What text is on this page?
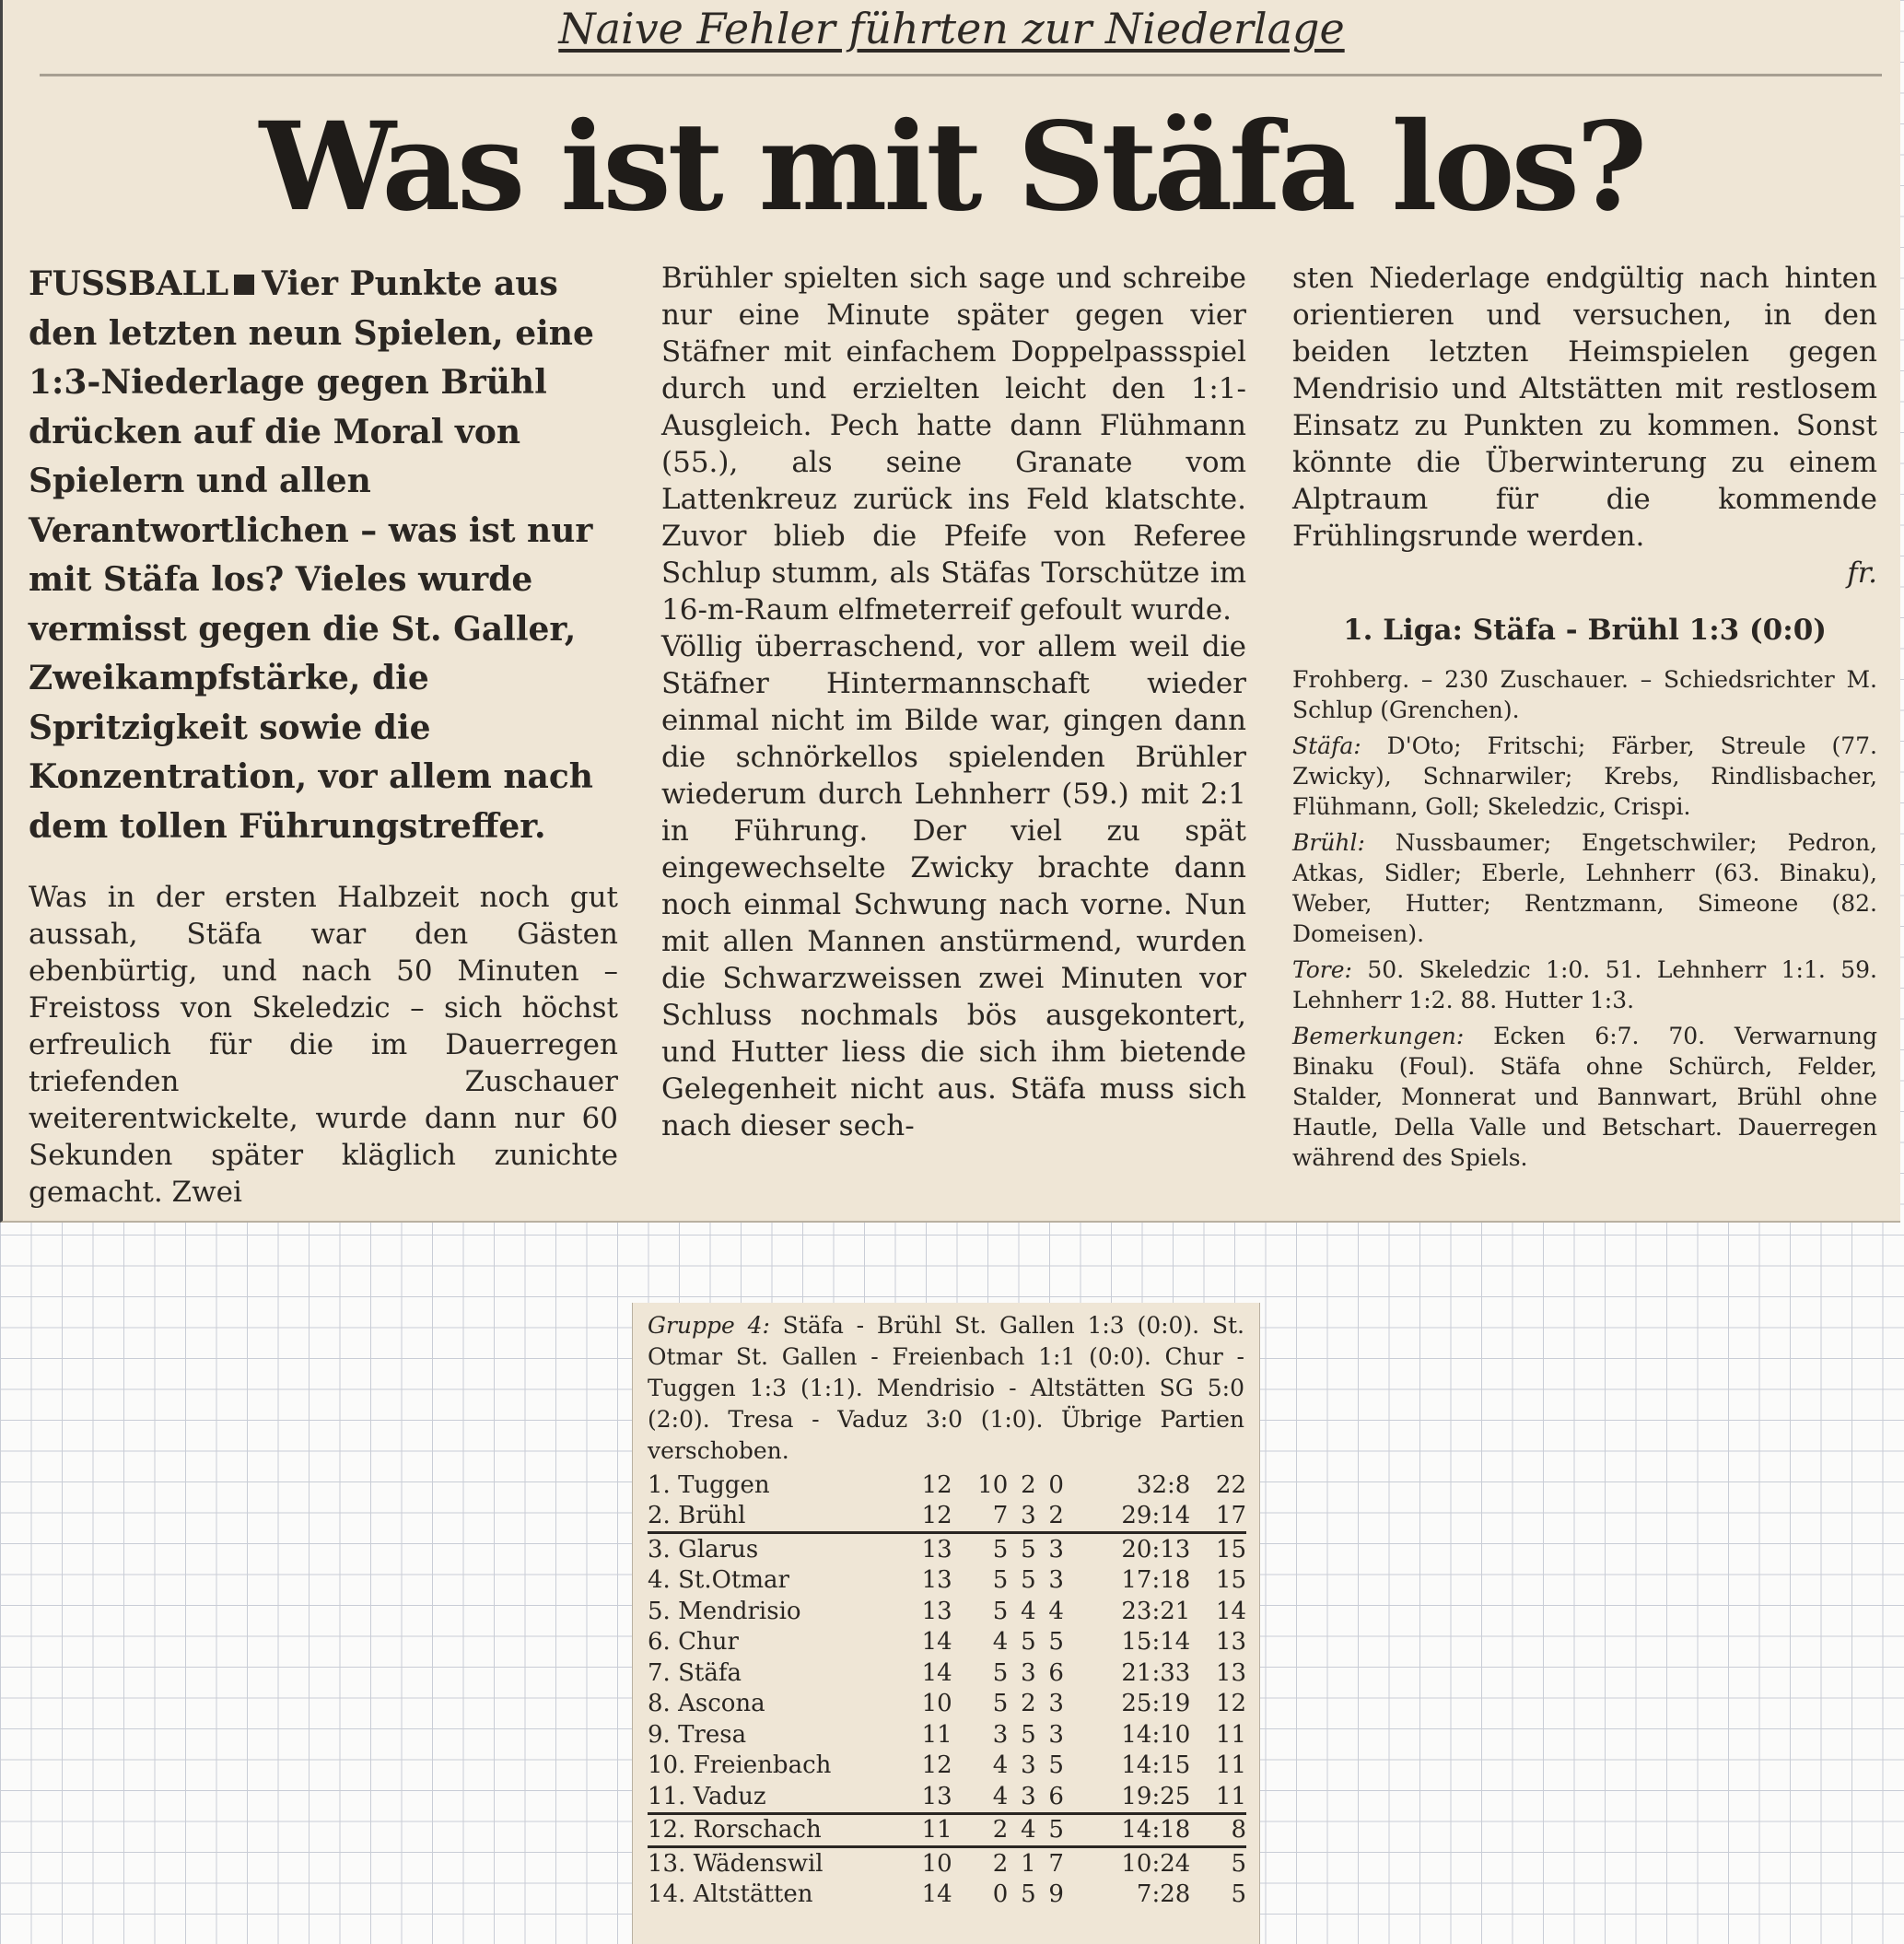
Naive Fehler führten zur Niederlage
Was ist mit Stäfa los?

FUSSBALL Vier Punkte aus den letzten neun Spielen, eine 1:3-Niederlage gegen Brühl drücken auf die Moral von Spielern und allen Verantwortlichen – was ist nur mit Stäfa los? Vieles wurde vermisst gegen die St. Galler, Zweikampfstärke, die Spritzigkeit sowie die Konzentration, vor allem nach dem tollen Führungstreffer.

Was in der ersten Halbzeit noch gut aussah, Stäfa war den Gästen ebenbürtig, und nach 50 Minuten – Freistoss von Skeledzic – sich höchst erfreulich für die im Dauerregen triefenden Zuschauer weiterentwickelte, wurde dann nur 60 Sekunden später kläglich zunichte gemacht. Zwei

Brühler spielten sich sage und schreibe nur eine Minute später gegen vier Stäfner mit einfachem Doppelpassspiel durch und erzielten leicht den 1:1-Ausgleich. Pech hatte dann Flühmann (55.), als seine Granate vom Lattenkreuz zurück ins Feld klatschte. Zuvor blieb die Pfeife von Referee Schlup stumm, als Stäfas Torschütze im 16-m-Raum elfmeterreif gefoult wurde.

Völlig überraschend, vor allem weil die Stäfner Hintermannschaft wieder einmal nicht im Bilde war, gingen dann die schnörkellos spielenden Brühler wiederum durch Lehnherr (59.) mit 2:1 in Führung. Der viel zu spät eingewechselte Zwicky brachte dann noch einmal Schwung nach vorne. Nun mit allen Mannen anstürmend, wurden die Schwarzweissen zwei Minuten vor Schluss nochmals bös ausgekontert, und Hutter liess die sich ihm bietende Gelegenheit nicht aus. Stäfa muss sich nach dieser sech-

sten Niederlage endgültig nach hinten orientieren und versuchen, in den beiden letzten Heimspielen gegen Mendrisio und Altstätten mit restlosem Einsatz zu Punkten zu kommen. Sonst könnte die Überwinterung zu einem Alptraum für die kommende Frühlingsrunde werden.

fr.

1. Liga: Stäfa - Brühl 1:3 (0:0)

Frohberg. – 230 Zuschauer. – Schiedsrichter M. Schlup (Grenchen).

Stäfa: D'Oto; Fritschi; Färber, Streule (77. Zwicky), Schnarwiler; Krebs, Rindlisbacher, Flühmann, Goll; Skeledzic, Crispi.

Brühl: Nussbaumer; Engetschwiler; Pedron, Atkas, Sidler; Eberle, Lehnherr (63. Binaku), Weber, Hutter; Rentzmann, Simeone (82. Domeisen).

Tore: 50. Skeledzic 1:0. 51. Lehnherr 1:1. 59. Lehnherr 1:2. 88. Hutter 1:3.

Bemerkungen: Ecken 6:7. 70. Verwarnung Binaku (Foul). Stäfa ohne Schürch, Felder, Stalder, Monnerat und Bannwart, Brühl ohne Hautle, Della Valle und Betschart. Dauerregen während des Spiels.

Gruppe 4: Stäfa - Brühl St. Gallen 1:3 (0:0). St. Otmar St. Gallen - Freienbach 1:1 (0:0). Chur - Tuggen 1:3 (1:1). Mendrisio - Altstätten SG 5:0 (2:0). Tresa - Vaduz 3:0 (1:0). Übrige Partien verschoben.

1. Tuggen	12	10	2	0	32:8	22
2. Brühl	12	7	3	2	29:14	17
3. Glarus	13	5	5	3	20:13	15
4. St.Otmar	13	5	5	3	17:18	15
5. Mendrisio	13	5	4	4	23:21	14
6. Chur	14	4	5	5	15:14	13
7. Stäfa	14	5	3	6	21:33	13
8. Ascona	10	5	2	3	25:19	12
9. Tresa	11	3	5	3	14:10	11
10. Freienbach	12	4	3	5	14:15	11
11. Vaduz	13	4	3	6	19:25	11
12. Rorschach	11	2	4	5	14:18	8
13. Wädenswil	10	2	1	7	10:24	5
14. Altstätten	14	0	5	9	7:28	5
